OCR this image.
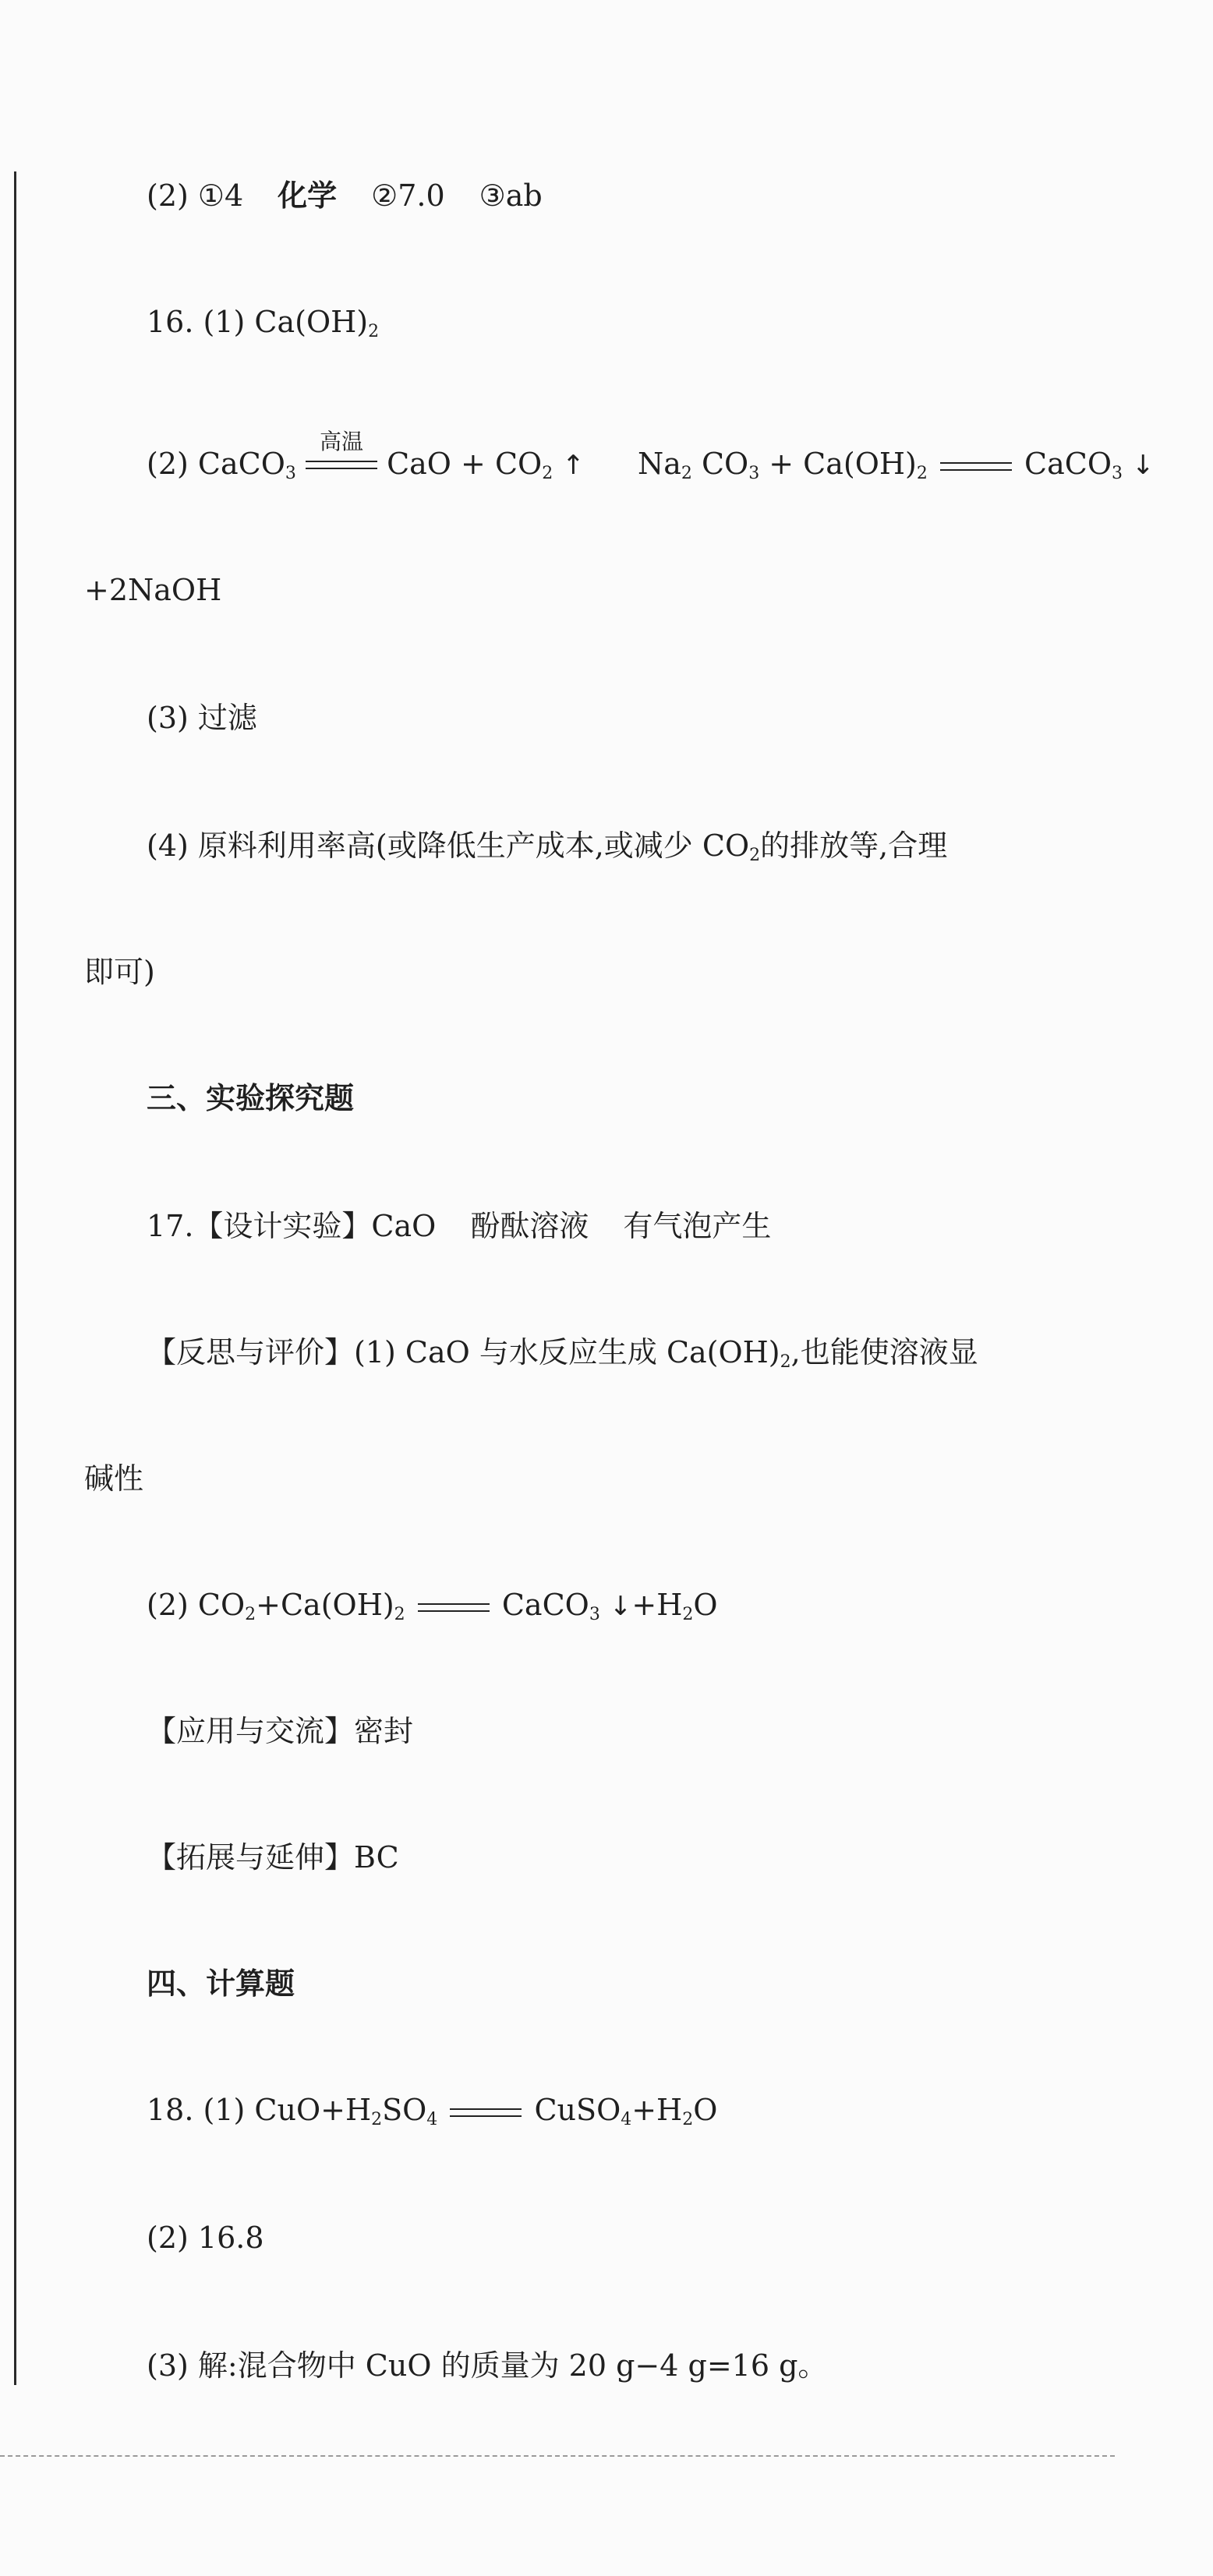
(2) ①4 化学 ②7.0 ③ab
16. (1) $Ca(OH)_2$
(2) CaCO$_3$
高温
CaO + $CO_2$ ↑ $Na_2$ $CO_3 + Ca(OH)_2$	CaCO$_3$ ↓
+2NaOH
(3) 过滤
(4) 原料利用率高(或降低生产成本,或减少 $CO_2$的排放等,合理
即可)
三、实验探究题
17.【设计实验】CaO 酚酞溶液 有气泡产生
【反思与评价】(1) CaO 与水反应生成 $Ca(OH)_2$,也能使溶液显
碱性
(2) $CO_2+Ca(OH)_2$	CaCO$_3$ $↓+H_2O$
【应用与交流】密封
【拓展与延伸】BC
四、计算题
18. (1) $CuO+H_2SO_4$	$CuSO_4+H_2O$
(2) 16.8
(3) 解:混合物中 CuO 的质量为 20 g−4 g=16 g。
